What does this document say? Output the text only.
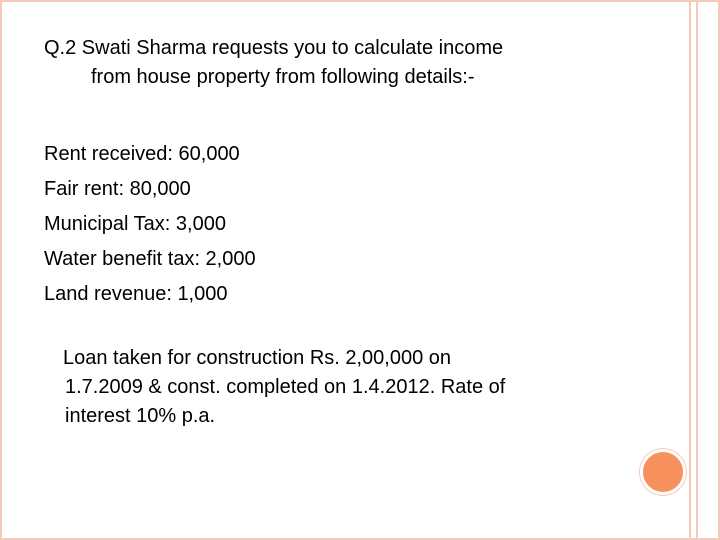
Q.2 Swati Sharma requests you to calculate income
from house property from following details:-
Rent received: 60,000
Fair rent: 80,000
Municipal Tax: 3,000
Water benefit tax: 2,000
Land revenue: 1,000
Loan taken for construction Rs. 2,00,000 on
1.7.2009 & const. completed on 1.4.2012. Rate of
interest 10% p.a.
